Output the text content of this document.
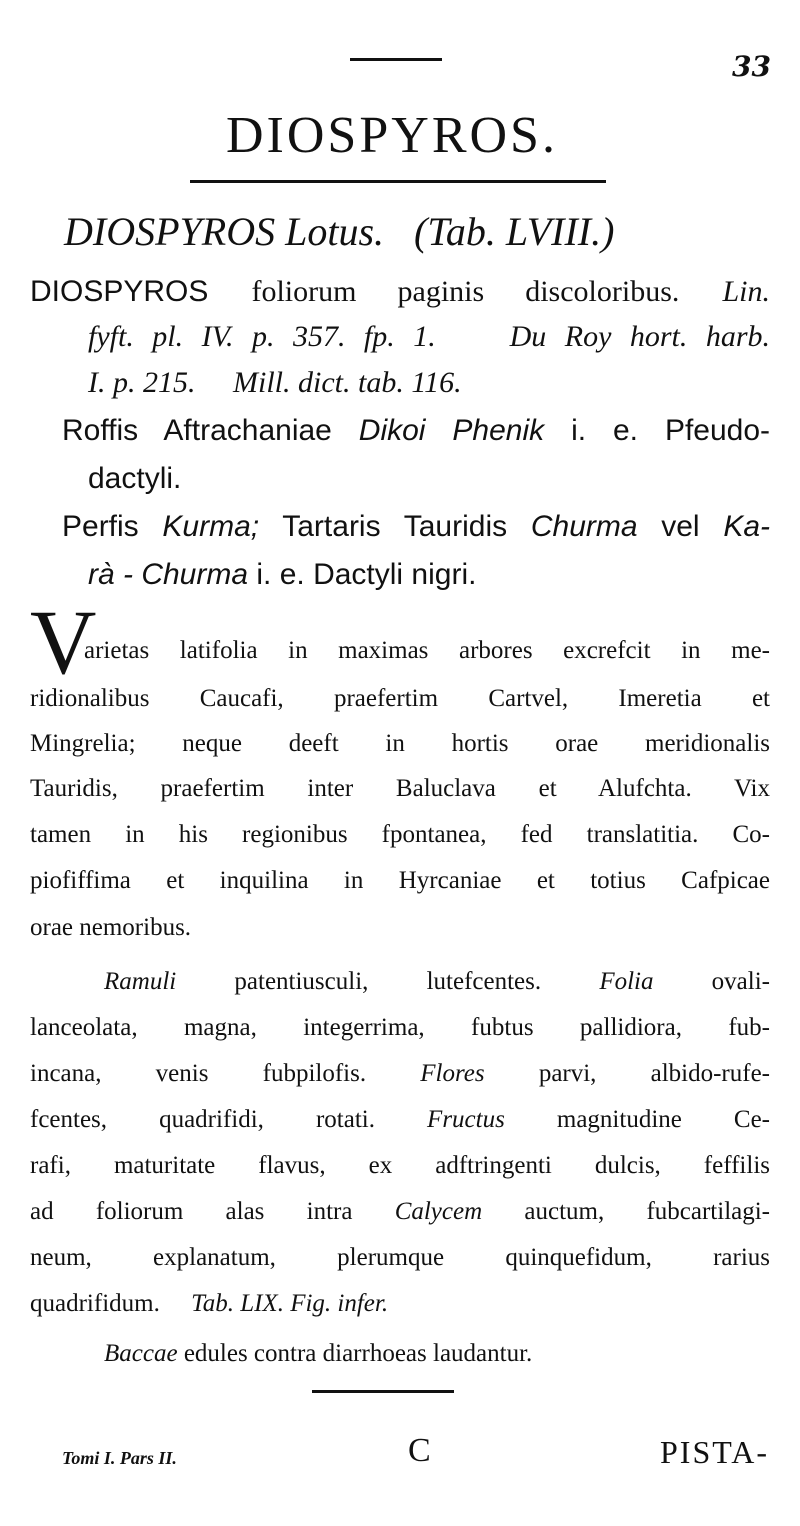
33
DIOSPYROS.
DIOSPYROS Lotus. (Tab. LVIII.)
DIOSPYROS foliorum paginis discoloribus. Lin.
fyft. pl. IV. p. 357. fp. 1. Du Roy hort. harb.
I. p. 215. Mill. dict. tab. 116.
Roffis Aftrachaniae Dikoi Phenik i. e. Pfeudo-
dactyli.
Perfis Kurma; Tartaris Tauridis Churma vel Ka-
rà - Churma i. e. Dactyli nigri.
V
arietas latifolia in maximas arbores excrefcit in me-
ridionalibus Caucafi, praefertim Cartvel, Imeretia et
Mingrelia; neque deeft in hortis orae meridionalis
Tauridis, praefertim inter Baluclava et Alufchta. Vix
tamen in his regionibus fpontanea, fed translatitia. Co-
piofiffima et inquilina in Hyrcaniae et totius Cafpicae
orae nemoribus.
Ramuli patentiusculi, lutefcentes. Folia ovali-
lanceolata, magna, integerrima, fubtus pallidiora, fub-
incana, venis fubpilofis. Flores parvi, albido-rufe-
fcentes, quadrifidi, rotati. Fructus magnitudine Ce-
rafi, maturitate flavus, ex adftringenti dulcis, feffilis
ad foliorum alas intra Calycem auctum, fubcartilagi-
neum, explanatum, plerumque quinquefidum, rarius
quadrifidum. Tab. LIX. Fig. infer.
Baccae edules contra diarrhoeas laudantur.
Tomi I. Pars II.	C	PISTA-
